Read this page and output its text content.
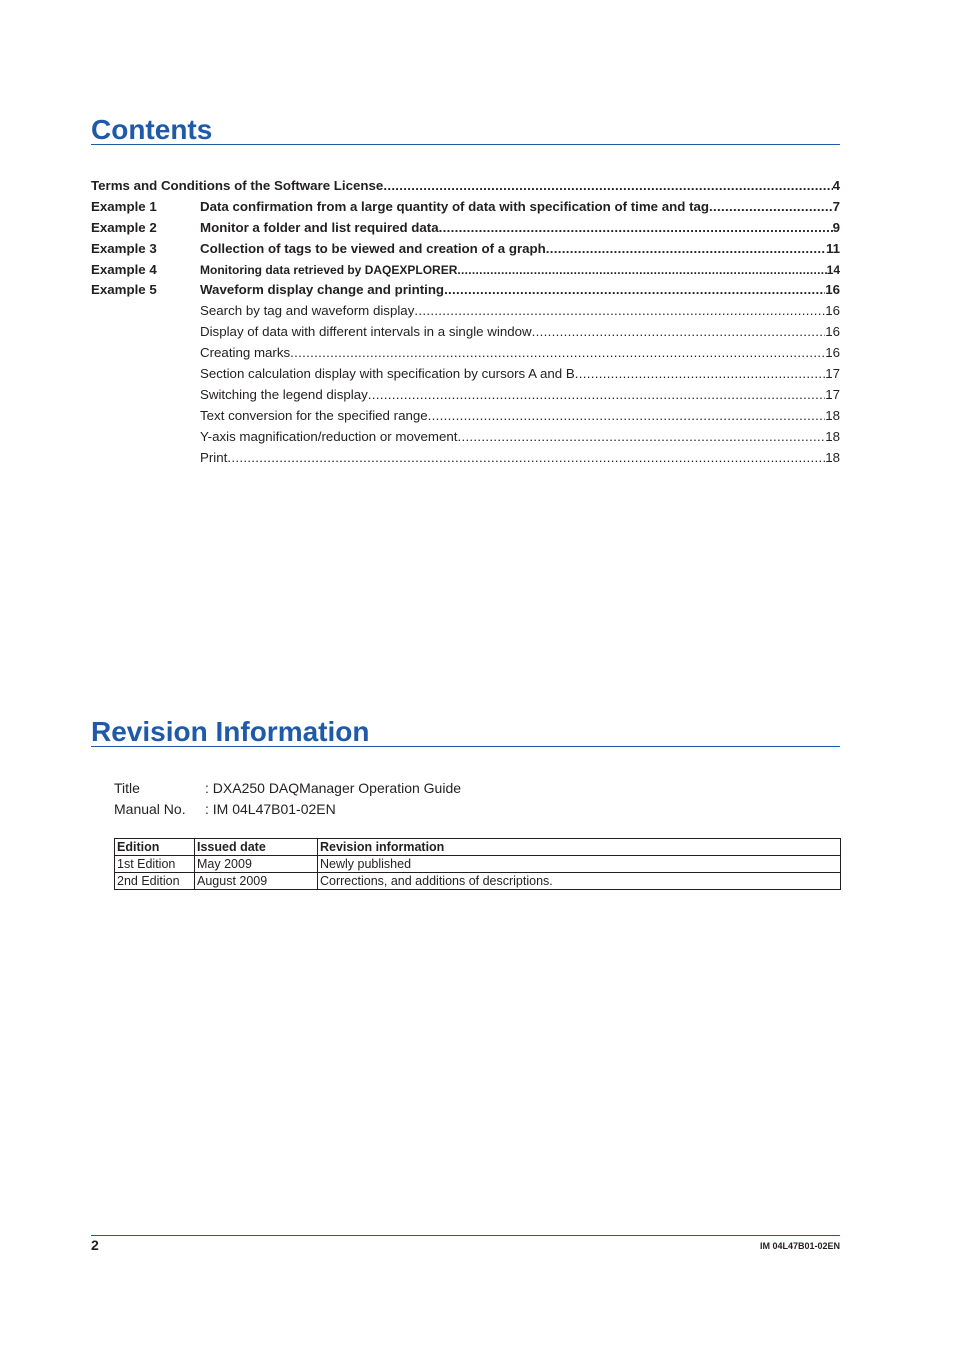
Contents
Terms and Conditions of the Software License .....	4
Example 1	Data confirmation from a large quantity of data with specification of time and tag .....	7
Example 2	Monitor a folder and list required data .....	9
Example 3	Collection of tags to be viewed and creation of a graph .....	11
Example 4	Monitoring data retrieved by DAQEXPLORER .....	14
Example 5	Waveform display change and printing .....	16
Search by tag and waveform display .....	16
Display of data with different intervals in a single window .....	16
Creating marks .....	16
Section calculation display with specification by cursors A and B .....	17
Switching the legend display .....	17
Text conversion for the specified range .....	18
Y-axis magnification/reduction or movement .....	18
Print .....	18
Revision Information
Title	: DXA250 DAQManager Operation Guide
Manual No. : IM 04L47B01-02EN
Edition	Issued date	Revision information
1st Edition	May 2009	Newly published
2nd Edition	August 2009	Corrections, and additions of descriptions.
2	IM 04L47B01-02EN
